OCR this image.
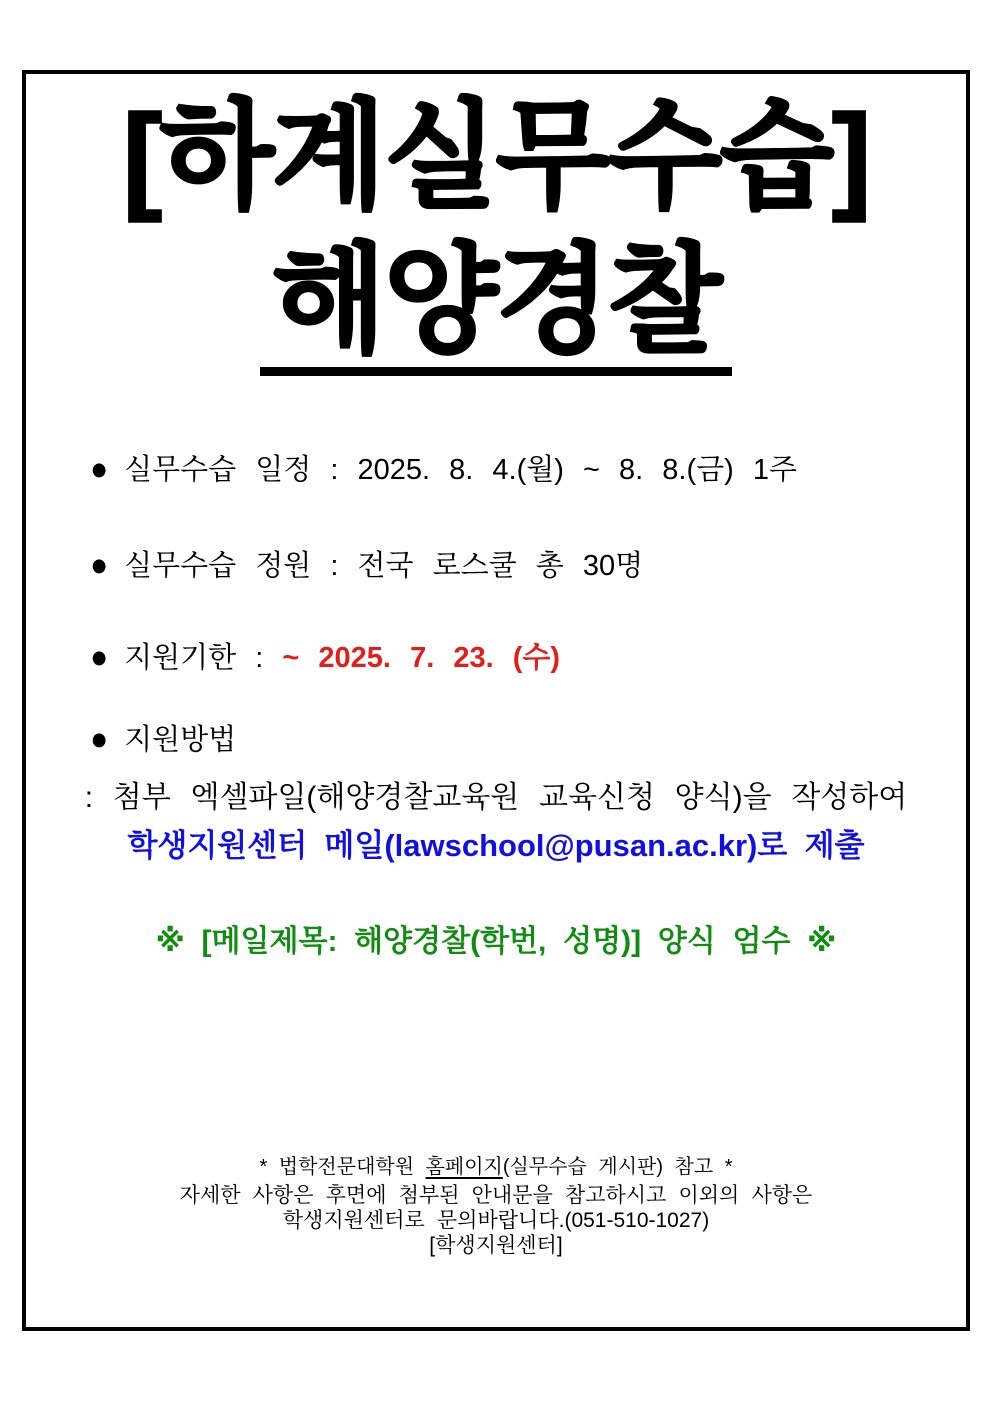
[하계실무수습]
해양경찰
● 실무수습 일정 : 2025. 8. 4.(월) ~ 8. 8.(금) 1주
● 실무수습 정원 : 전국 로스쿨 총 30명
● 지원기한 : ~ 2025. 7. 23. (수)
● 지원방법
: 첨부 엑셀파일(해양경찰교육원 교육신청 양식)을 작성하여
학생지원센터 메일(lawschool@pusan.ac.kr)로 제출
※ [메일제목: 해양경찰(학번, 성명)] 양식 엄수 ※
* 법학전문대학원 홈페이지(실무수습 게시판) 참고 *
자세한 사항은 후면에 첨부된 안내문을 참고하시고 이외의 사항은
학생지원센터로 문의바랍니다.(051-510-1027)
[학생지원센터]
